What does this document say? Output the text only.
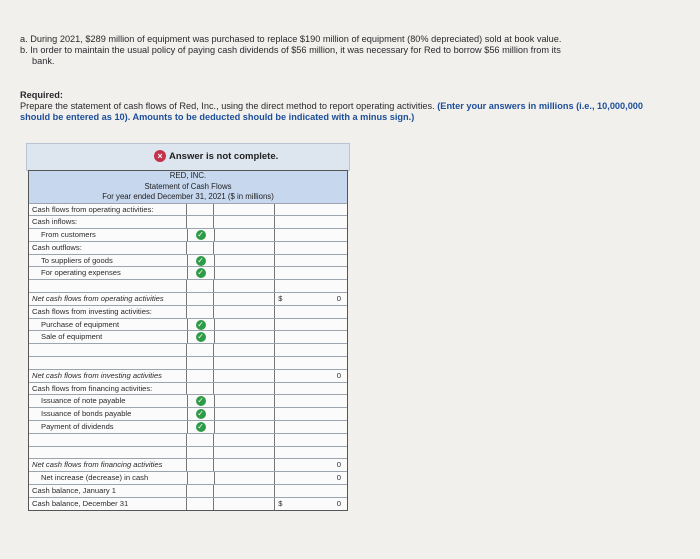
a. During 2021, $289 million of equipment was purchased to replace $190 million of equipment (80% depreciated) sold at book value.

b. In order to maintain the usual policy of paying cash dividends of $56 million, it was necessary for Red to borrow $56 million from its

bank.

Required:
Prepare the statement of cash flows of Red, Inc., using the direct method to report operating activities. (Enter your answers in millions (i.e., 10,000,000 should be entered as 10). Amounts to be deducted should be indicated with a minus sign.)
× Answer is not complete.
RED, INC.
Statement of Cash Flows
For year ended December 31, 2021 ($ in millions)
Cash flows from operating activities:
Cash inflows:
From customers	✓
Cash outflows:
To suppliers of goods	✓
For operating expenses	✓
Net cash flows from operating activities	$	0
Cash flows from investing activities:
Purchase of equipment	✓
Sale of equipment	✓
Net cash flows from investing activities	0
Cash flows from financing activities:
Issuance of note payable	✓
Issuance of bonds payable	✓
Payment of dividends	✓
Net cash flows from financing activities	0
Net increase (decrease) in cash	0
Cash balance, January 1
Cash balance, December 31	$	0
